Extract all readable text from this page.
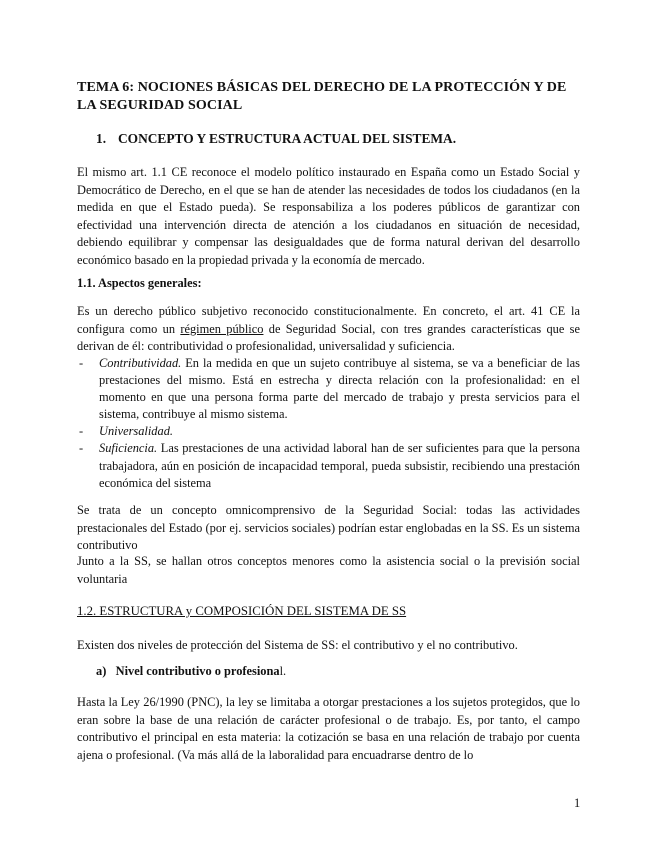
TEMA 6: NOCIONES BÁSICAS DEL DERECHO DE LA PROTECCIÓN Y DE LA SEGURIDAD SOCIAL
1. CONCEPTO Y ESTRUCTURA ACTUAL DEL SISTEMA.
El mismo art. 1.1 CE reconoce el modelo político instaurado en España como un Estado Social y Democrático de Derecho, en el que se han de atender las necesidades de todos los ciudadanos (en la medida en que el Estado pueda). Se responsabiliza a los poderes públicos de garantizar con efectividad una intervención directa de atención a los ciudadanos en situación de necesidad, debiendo equilibrar y compensar las desigualdades que de forma natural derivan del desarrollo económico basado en la propiedad privada y la economía de mercado.
1.1. Aspectos generales:
Es un derecho público subjetivo reconocido constitucionalmente. En concreto, el art. 41 CE la configura como un régimen público de Seguridad Social, con tres grandes características que se derivan de él: contributividad o profesionalidad, universalidad y suficiencia.
- Contributividad. En la medida en que un sujeto contribuye al sistema, se va a beneficiar de las prestaciones del mismo. Está en estrecha y directa relación con la profesionalidad: en el momento en que una persona forma parte del mercado de trabajo y presta servicios para el sistema, contribuye al mismo sistema.
- Universalidad.
- Suficiencia. Las prestaciones de una actividad laboral han de ser suficientes para que la persona trabajadora, aún en posición de incapacidad temporal, pueda subsistir, recibiendo una prestación económica del sistema
Se trata de un concepto omnicomprensivo de la Seguridad Social: todas las actividades prestacionales del Estado (por ej. servicios sociales) podrían estar englobadas en la SS. Es un sistema contributivo
Junto a la SS, se hallan otros conceptos menores como la asistencia social o la previsión social voluntaria
1.2. ESTRUCTURA y COMPOSICIÓN DEL SISTEMA DE SS
Existen dos niveles de protección del Sistema de SS: el contributivo y el no contributivo.
a) Nivel contributivo o profesional.
Hasta la Ley 26/1990 (PNC), la ley se limitaba a otorgar prestaciones a los sujetos protegidos, que lo eran sobre la base de una relación de carácter profesional o de trabajo. Es, por tanto, el campo contributivo el principal en esta materia: la cotización se basa en una relación de trabajo por cuenta ajena o profesional. (Va más allá de la laboralidad para encuadrarse dentro de lo
1
